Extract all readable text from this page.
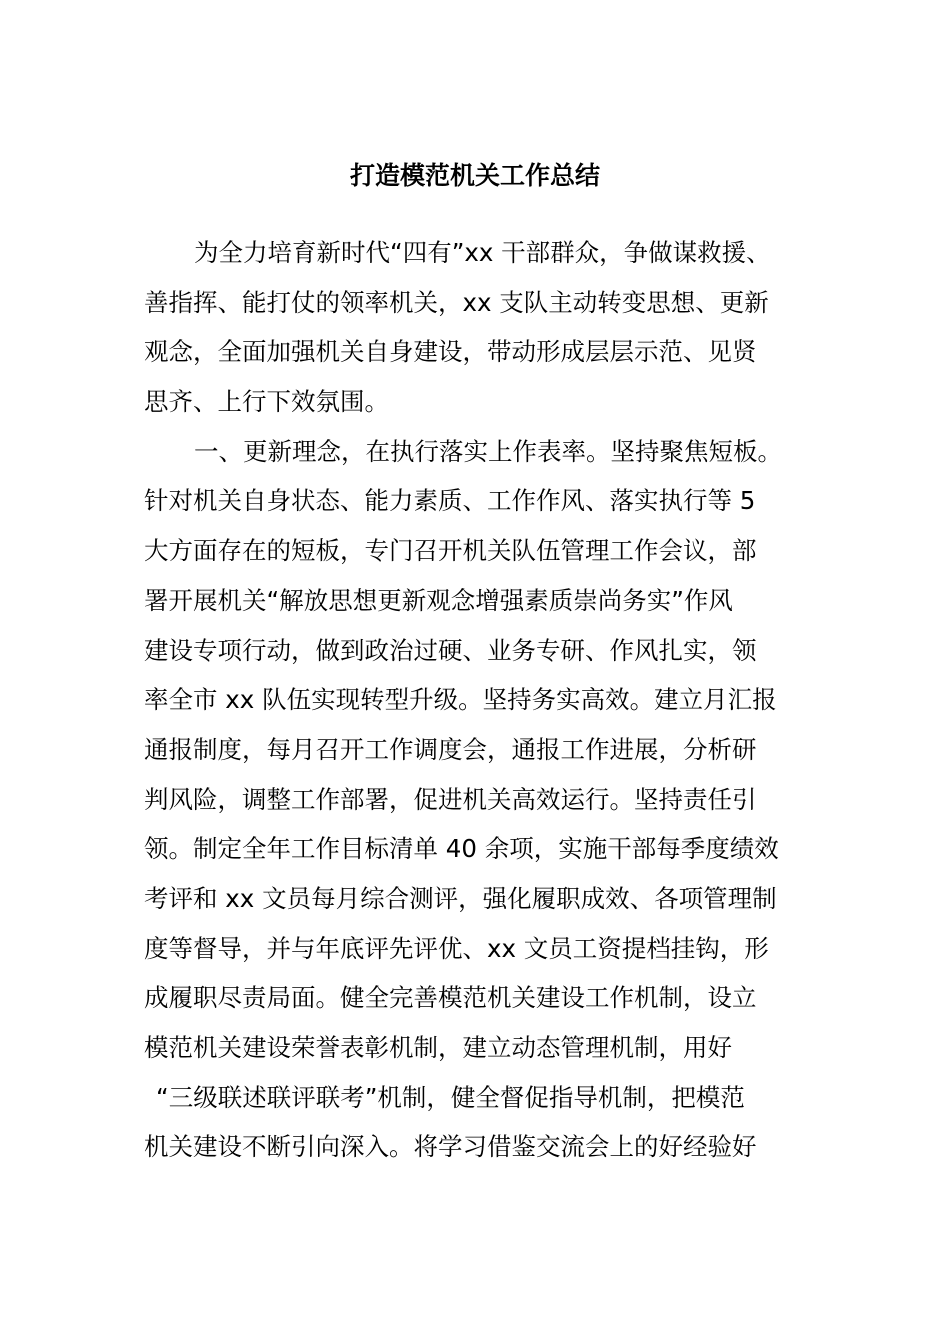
打造模范机关工作总结
为全力培育新时代“四有”xx 干部群众，争做谋救援、
善指挥、能打仗的领率机关，xx 支队主动转变思想、更新
观念，全面加强机关自身建设，带动形成层层示范、见贤
思齐、上行下效氛围。
一、更新理念，在执行落实上作表率。坚持聚焦短板。
针对机关自身状态、能力素质、工作作风、落实执行等 5
大方面存在的短板，专门召开机关队伍管理工作会议，部
署开展机关“解放思想更新观念增强素质崇尚务实”作风
建设专项行动，做到政治过硬、业务专研、作风扎实，领
率全市 xx 队伍实现转型升级。坚持务实高效。建立月汇报
通报制度，每月召开工作调度会，通报工作进展，分析研
判风险，调整工作部署，促进机关高效运行。坚持责任引
领。制定全年工作目标清单 40 余项，实施干部每季度绩效
考评和 xx 文员每月综合测评，强化履职成效、各项管理制
度等督导，并与年底评先评优、xx 文员工资提档挂钩，形
成履职尽责局面。健全完善模范机关建设工作机制，设立
模范机关建设荣誉表彰机制，建立动态管理机制，用好
“三级联述联评联考”机制，健全督促指导机制，把模范
机关建设不断引向深入。将学习借鉴交流会上的好经验好
